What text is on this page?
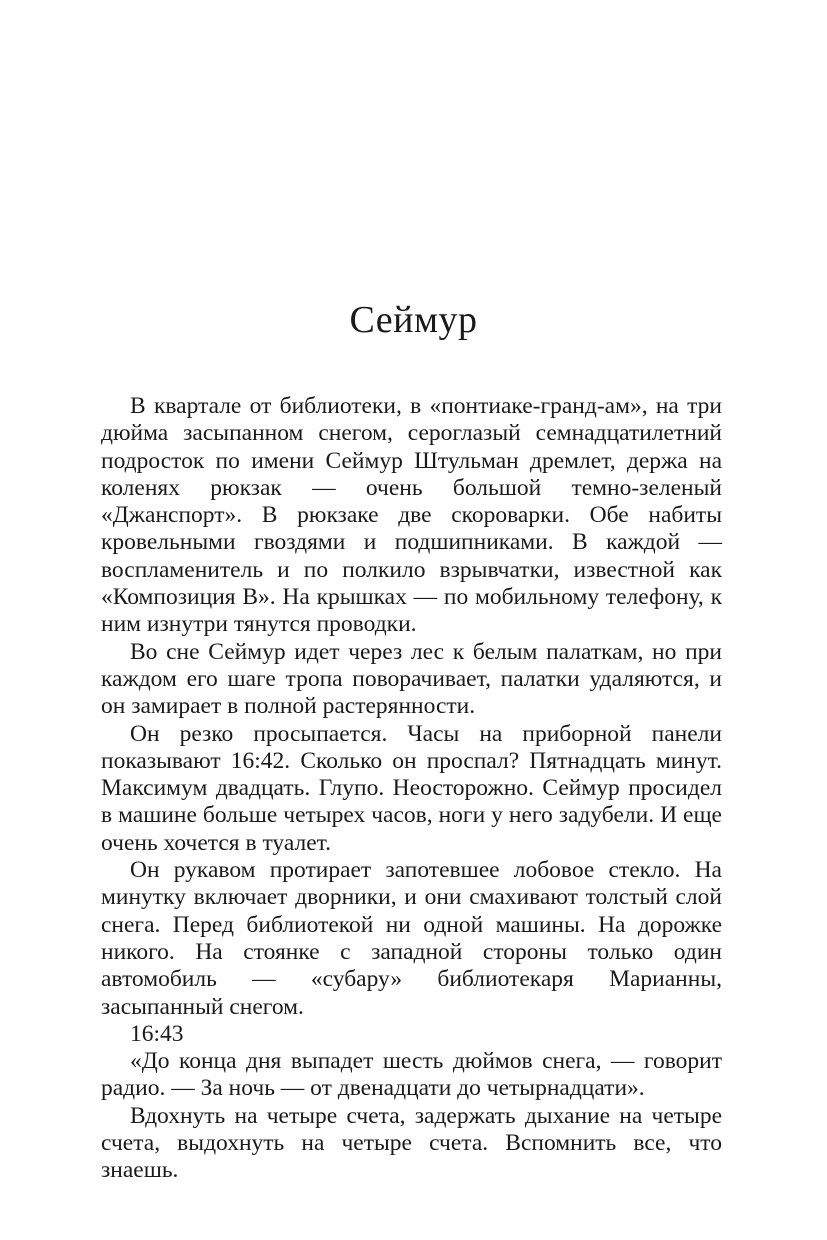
Сеймур

В квартале от библиотеки, в «понтиаке-гранд-ам», на три дюйма засыпанном снегом, сероглазый семнадцатилетний подросток по имени Сеймур Штульман дремлет, держа на коленях рюкзак — очень большой темно-зеленый «Джанспорт». В рюкзаке две скороварки. Обе набиты кровельными гвоздями и подшипниками. В каждой — воспламенитель и по полкило взрывчатки, известной как «Композиция B». На крышках — по мобильному телефону, к ним изнутри тянутся проводки.

Во сне Сеймур идет через лес к белым палаткам, но при каждом его шаге тропа поворачивает, палатки удаляются, и он замирает в полной растерянности.

Он резко просыпается. Часы на приборной панели показывают 16:42. Сколько он проспал? Пятнадцать минут. Максимум двадцать. Глупо. Неосторожно. Сеймур просидел в машине больше четырех часов, ноги у него задубели. И еще очень хочется в туалет.

Он рукавом протирает запотевшее лобовое стекло. На минутку включает дворники, и они смахивают толстый слой снега. Перед библиотекой ни одной машины. На дорожке никого. На стоянке с западной стороны только один автомобиль — «субару» библиотекаря Марианны, засыпанный снегом.

16:43

«До конца дня выпадет шесть дюймов снега, — говорит радио. — За ночь — от двенадцати до четырнадцати».

Вдохнуть на четыре счета, задержать дыхание на четыре счета, выдохнуть на четыре счета. Вспомнить все, что знаешь.
